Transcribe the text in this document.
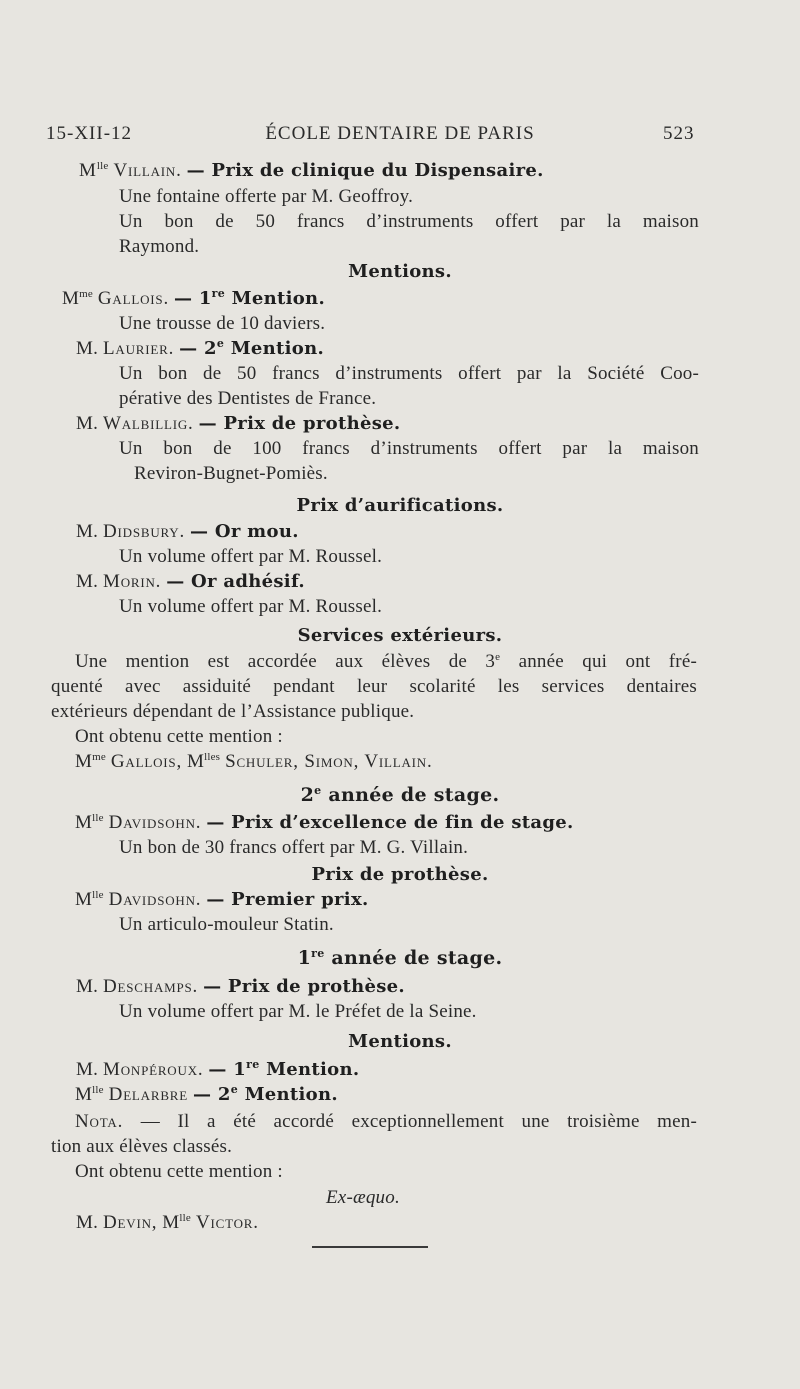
15-XII-12	ÉCOLE DENTAIRE DE PARIS	523
$M^{lle}$ Villain. — Prix de clinique du Dispensaire.
Une fontaine offerte par M. Geoffroy.
Un bon de 50 francs d’instruments offert par la maison
Raymond.
Mentions.
$M^{me}$ Gallois. — 1re Mention.
Une trousse de 10 daviers.
M. Laurier. — 2e Mention.
Un bon de 50 francs d’instruments offert par la Société Coo-
pérative des Dentistes de France.
M. Walbillig. — Prix de prothèse.
Un bon de 100 francs d’instruments offert par la maison
Reviron-Bugnet-Pomiès.
Prix d’aurifications.
M. Didsbury. — Or mou.
Un volume offert par M. Roussel.
M. Morin. — Or adhésif.
Un volume offert par M. Roussel.
Services extérieurs.
Une mention est accordée aux élèves de 3e année qui ont fré-
quenté avec assiduité pendant leur scolarité les services dentaires
extérieurs dépendant de l’Assistance publique.
Ont obtenu cette mention :
$M^{me}$ Gallois, $M^{lles}$ Schuler, Simon, Villain.
2e année de stage.
$M^{lle}$ Davidsohn. — Prix d’excellence de fin de stage.
Un bon de 30 francs offert par M. G. Villain.
Prix de prothèse.
$M^{lle}$ Davidsohn. — Premier prix.
Un articulo-mouleur Statin.
1re année de stage.
M. Deschamps. — Prix de prothèse.
Un volume offert par M. le Préfet de la Seine.
Mentions.
M. Monpéroux. — 1re Mention.
$M^{lle}$ Delarbre — 2e Mention.
Nota. — Il a été accordé exceptionnellement une troisième men-
tion aux élèves classés.
Ont obtenu cette mention :
Ex-æquo.
M. Devin, $M^{lle}$ Victor.
